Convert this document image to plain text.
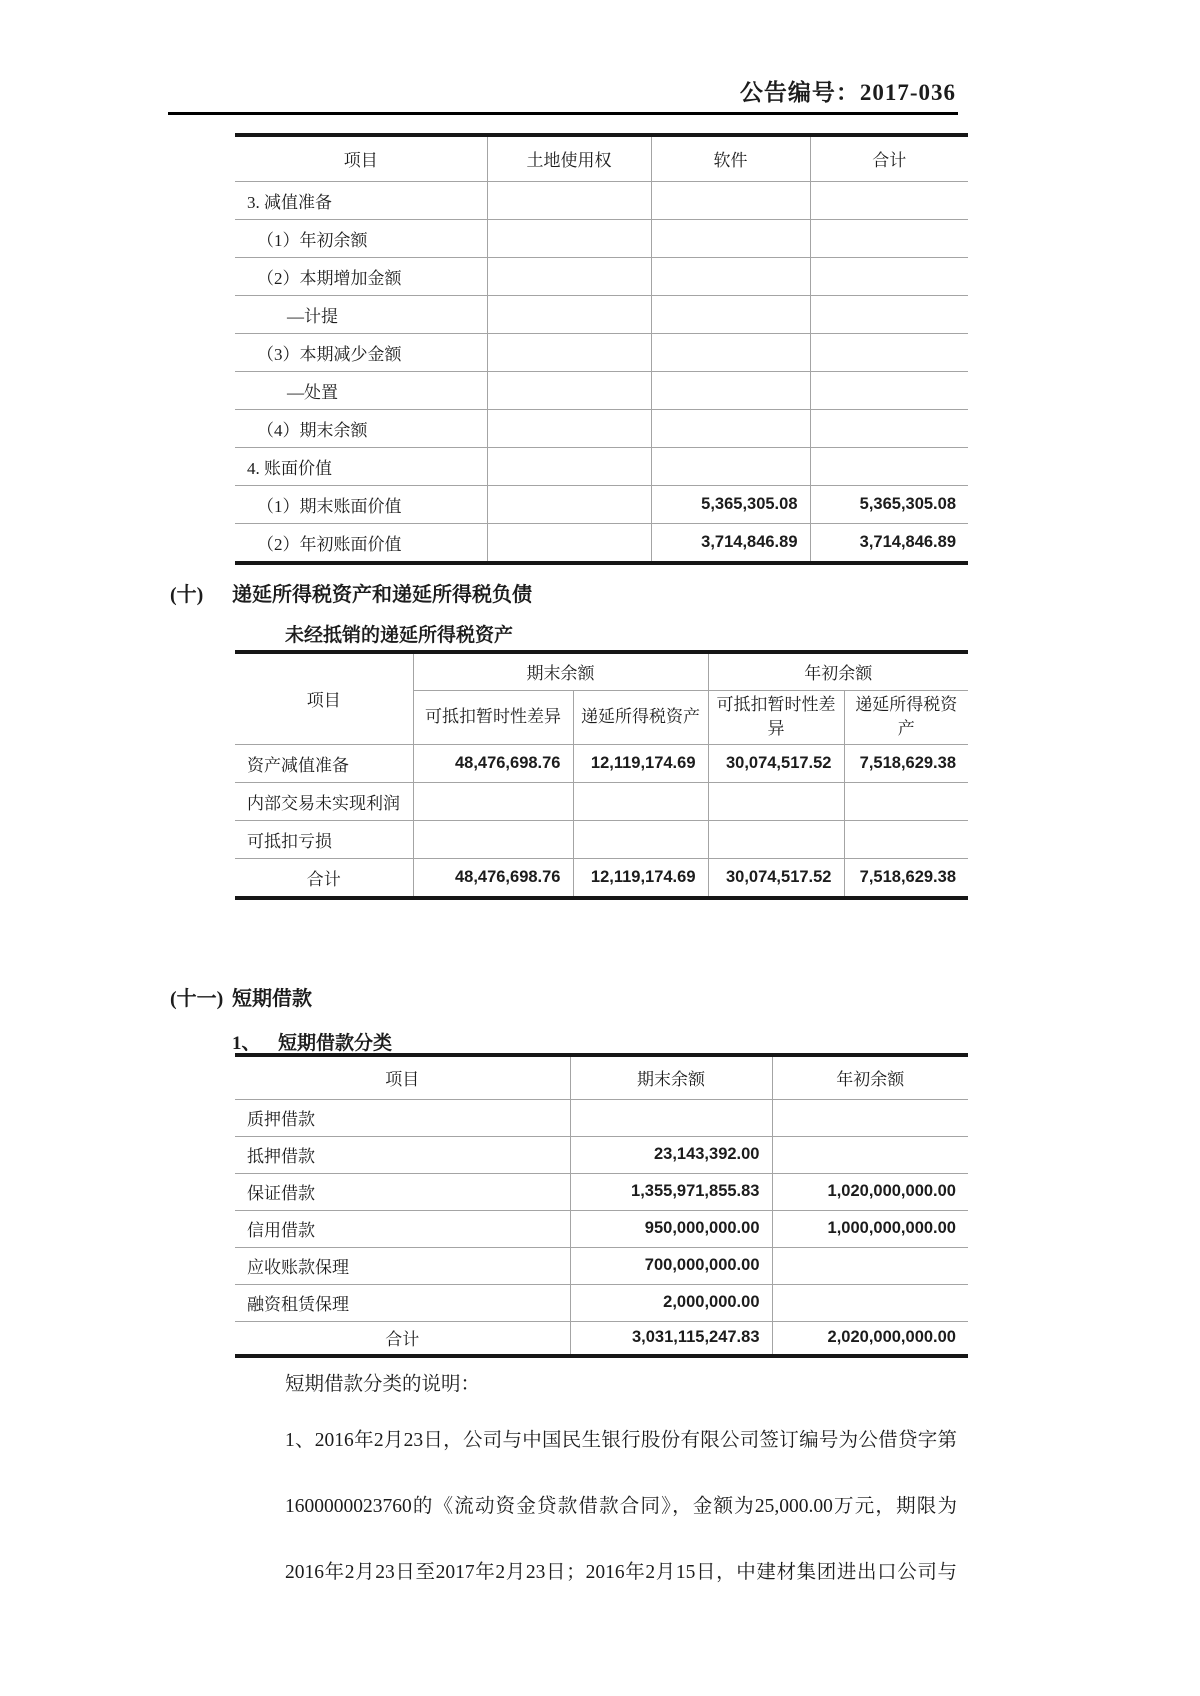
公告编号：2017-036
项目	土地使用权	软件	合计
3. 减值准备			
（1）年初余额			
（2）本期增加金额			
—计提			
（3）本期减少金额			
—处置			
（4）期末余额			
4. 账面价值			
（1）期末账面价值		5,365,305.08	5,365,305.08
（2）年初账面价值		3,714,846.89	3,714,846.89
(十)	递延所得税资产和递延所得税负债
未经抵销的递延所得税资产
项目	期末余额		年初余额	
	可抵扣暂时性差异	递延所得税资产	可抵扣暂时性差异	递延所得税资产
资产减值准备	48,476,698.76	12,119,174.69	30,074,517.52	7,518,629.38
内部交易未实现利润				
可抵扣亏损				
合计	48,476,698.76	12,119,174.69	30,074,517.52	7,518,629.38
(十一) 短期借款
1、 短期借款分类
项目	期末余额	年初余额
质押借款		
抵押借款	23,143,392.00	
保证借款	1,355,971,855.83	1,020,000,000.00
信用借款	950,000,000.00	1,000,000,000.00
应收账款保理	700,000,000.00	
融资租赁保理	2,000,000.00	
合计	3,031,115,247.83	2,020,000,000.00
短期借款分类的说明：
1、2016年2月23日，公司与中国民生银行股份有限公司签订编号为公借贷字第
1600000023760的《流动资金贷款借款合同》，金额为25,000.00万元，期限为
2016年2月23日至2017年2月23日；2016年2月15日，中建材集团进出口公司与
